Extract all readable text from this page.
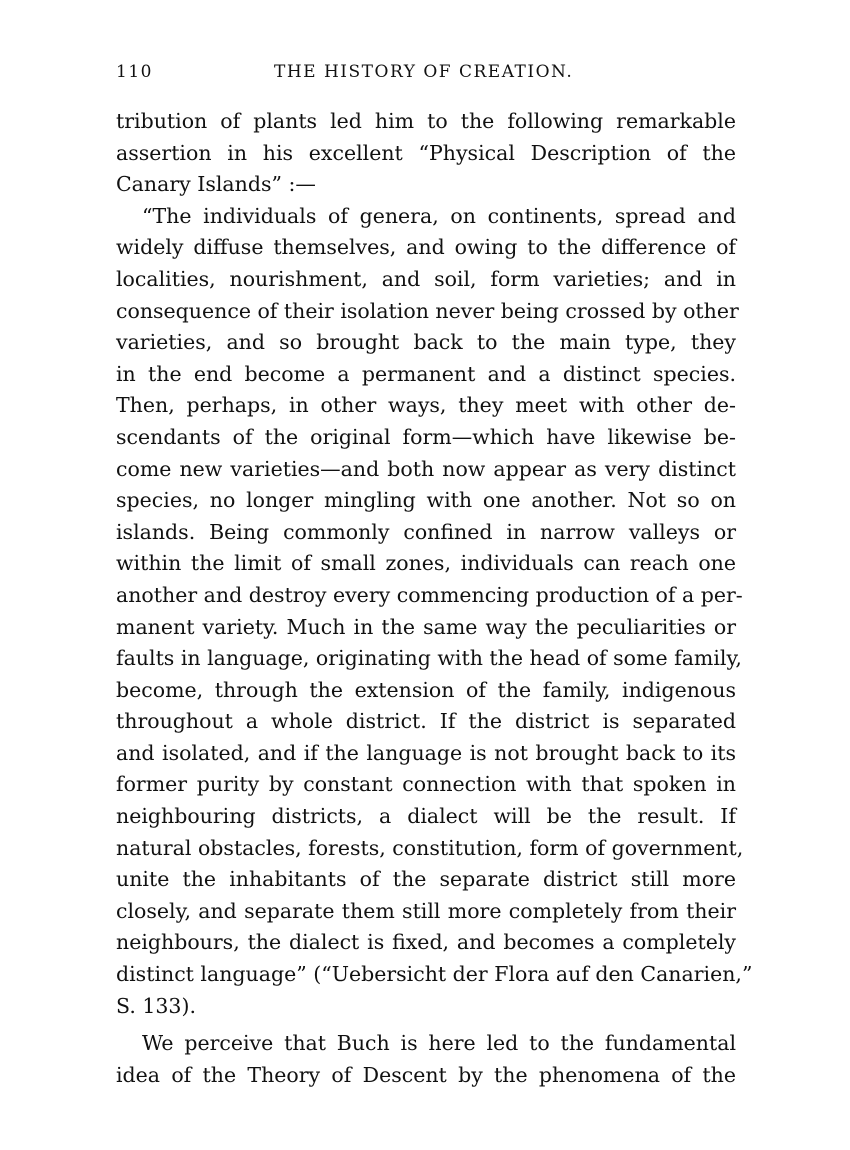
110	THE HISTORY OF CREATION.
tribution of plants led him to the following remarkable
assertion in his excellent “Physical Description of the
Canary Islands” :—
“The individuals of genera, on continents, spread and
widely diffuse themselves, and owing to the difference of
localities, nourishment, and soil, form varieties; and in
consequence of their isolation never being crossed by other
varieties, and so brought back to the main type, they
in the end become a permanent and a distinct species.
Then, perhaps, in other ways, they meet with other de-
scendants of the original form—which have likewise be-
come new varieties—and both now appear as very distinct
species, no longer mingling with one another. Not so on
islands. Being commonly confined in narrow valleys or
within the limit of small zones, individuals can reach one
another and destroy every commencing production of a per-
manent variety. Much in the same way the peculiarities or
faults in language, originating with the head of some family,
become, through the extension of the family, indigenous
throughout a whole district. If the district is separated
and isolated, and if the language is not brought back to its
former purity by constant connection with that spoken in
neighbouring districts, a dialect will be the result. If
natural obstacles, forests, constitution, form of government,
unite the inhabitants of the separate district still more
closely, and separate them still more completely from their
neighbours, the dialect is fixed, and becomes a completely
distinct language” (“Uebersicht der Flora auf den Canarien,”
S. 133).
We perceive that Buch is here led to the fundamental
idea of the Theory of Descent by the phenomena of the
